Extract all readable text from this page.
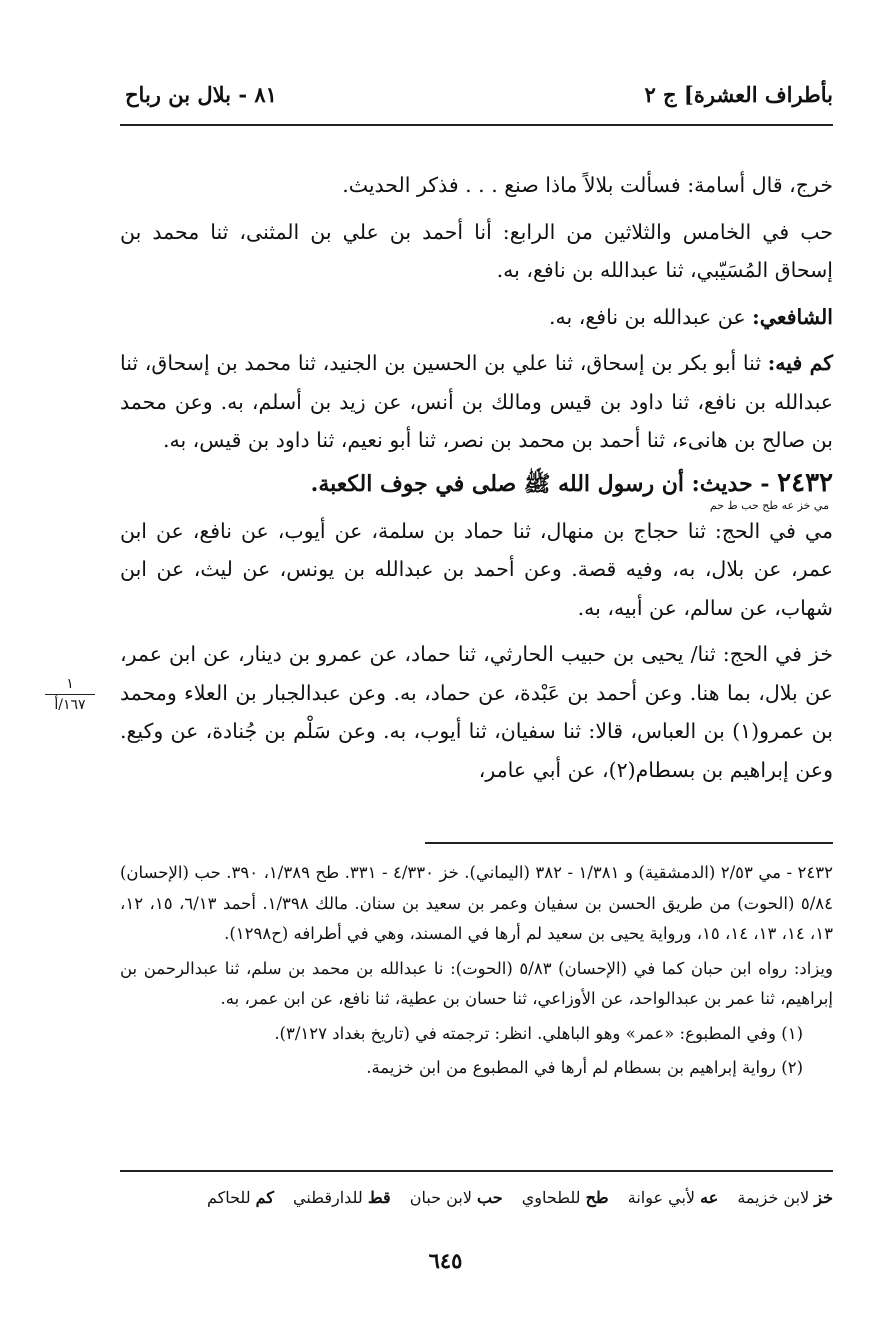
بأطراف العشرة] ج ٢
٨١ - بلال بن رباح

خرج، قال أسامة: فسألت بلالاً ماذا صنع . . . فذكر الحديث.

حب في الخامس والثلاثين من الرابع: أنا أحمد بن علي بن المثنى، ثنا محمد بن إسحاق المُسَيّبي، ثنا عبدالله بن نافع، به.

الشافعي: عن عبدالله بن نافع، به.

كم فيه: ثنا أبو بكر بن إسحاق، ثنا علي بن الحسين بن الجنيد، ثنا محمد بن إسحاق، ثنا عبدالله بن نافع، ثنا داود بن قيس ومالك بن أنس، عن زيد بن أسلم، به. وعن محمد بن صالح بن هانىء، ثنا أحمد بن محمد بن نصر، ثنا أبو نعيم، ثنا داود بن قيس، به.

٢٤٣٢ - حديث: أن رسول الله ﷺ صلى في جوف الكعبة.

مي خز عه طح حب ط حم

مي في الحج: ثنا حجاج بن منهال، ثنا حماد بن سلمة، عن أيوب، عن نافع، عن ابن عمر، عن بلال، به، وفيه قصة. وعن أحمد بن عبدالله بن يونس، عن ليث، عن ابن شهاب، عن سالم، عن أبيه، به.

خز في الحج: ثنا/ يحيى بن حبيب الحارثي، ثنا حماد، عن عمرو بن دينار، عن ابن عمر، عن بلال، بما هنا. وعن أحمد بن عَبْدة، عن حماد، به. وعن عبدالجبار بن العلاء ومحمد بن عمرو(١) بن العباس، قالا: ثنا سفيان، ثنا أيوب، به. وعن سَلْم بن جُنادة، عن وكيع. وعن إبراهيم بن بسطام(٢)، عن أبي عامر،

١
١٦٧/أ

٢٤٣٢ - مي ٢/٥٣ (الدمشقية) و ١/٣٨١ - ٣٨٢ (اليماني). خز ٤/٣٣٠ - ٣٣١. طح ١/٣٨٩، ٣٩٠. حب (الإحسان) ٥/٨٤ (الحوت) من طريق الحسن بن سفيان وعمر بن سعيد بن سنان. مالك ١/٣٩٨. أحمد ٦/١٣، ١٥، ١٢، ١٣، ١٤، ١٣، ١٤، ١٥، ورواية يحيى بن سعيد لم أرها في المسند، وهي في أطرافه (ح١٢٩٨).

ويزاد: رواه ابن حبان كما في (الإحسان) ٥/٨٣ (الحوت): نا عبدالله بن محمد بن سلم، ثنا عبدالرحمن بن إبراهيم، ثنا عمر بن عبدالواحد، عن الأوزاعي، ثنا حسان بن عطية، ثنا نافع، عن ابن عمر، به.

(١) وفي المطبوع: «عمر» وهو الباهلي. انظر: ترجمته في (تاريخ بغداد ٣/١٢٧).

(٢) رواية إبراهيم بن بسطام لم أرها في المطبوع من ابن خزيمة.

خز لابن خزيمة عه لأبي عوانة طح للطحاوي حب لابن حبان قط للدارقطني كم للحاكم
٦٤٥
